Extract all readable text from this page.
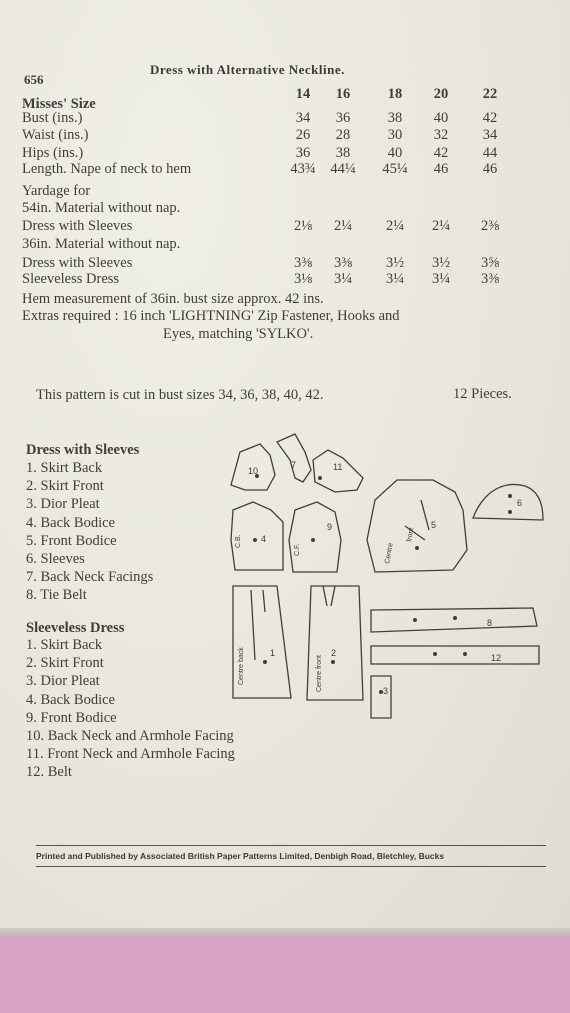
656
Dress with Alternative Neckline.
14	16	18	20	22
Misses' Size
Bust (ins.)	34	36	38	40	42
Waist (ins.)	26	28	30	32	34
Hips (ins.)	36	38	40	42	44
Length. Nape of neck to hem	43¾	44¼	45¼	46	46
Yardage for
54in. Material without nap.
Dress with Sleeves	2⅛	2¼	2¼	2¼	2⅜
36in. Material without nap.
Dress with Sleeves	3⅜	3⅜	3½	3½	3⅝
Sleeveless Dress	3⅛	3¼	3¼	3¼	3⅜
Hem measurement of 36in. bust size approx. 42 ins.
Extras required : 16 inch 'LIGHTNING' Zip Fastener, Hooks and
Eyes, matching 'SYLKO'.
This pattern is cut in bust sizes 34, 36, 38, 40, 42.	12 Pieces.
Dress with Sleeves
1. Skirt Back
2. Skirt Front
3. Dior Pleat
4. Back Bodice
5. Front Bodice
6. Sleeves
7. Back Neck Facings
8. Tie Belt
Sleeveless Dress
1. Skirt Back
2. Skirt Front
3. Dior Pleat
4. Back Bodice
9. Front Bodice
10. Back Neck and Armhole Facing
11. Front Neck and Armhole Facing
12. Belt
10
7	11
4
9	5
6
1	2
8
12
3
Centre back	Centre front
front
Centre
C.B.
C.F.
Printed and Published by Associated British Paper Patterns Limited, Denbigh Road, Bletchley, Bucks
